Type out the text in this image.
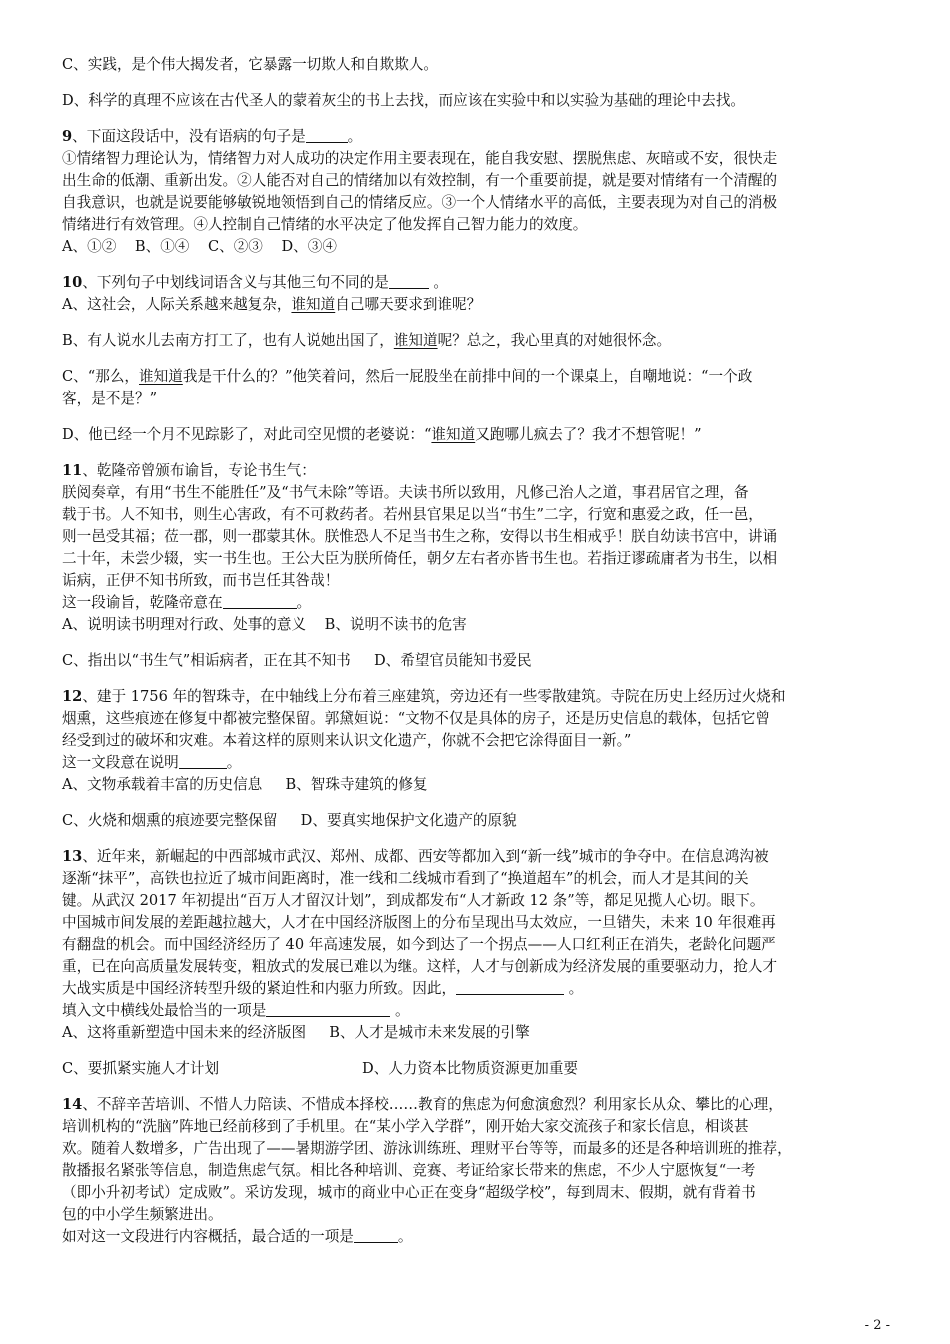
C、实践，是个伟大揭发者，它暴露一切欺人和自欺欺人。

D、科学的真理不应该在古代圣人的蒙着灰尘的书上去找，而应该在实验中和以实验为基础的理论中去找。

9、下面这段话中，没有语病的句子是	。

①情绪智力理论认为，情绪智力对人成功的决定作用主要表现在，能自我安慰、摆脱焦虑、灰暗或不安，很快走

出生命的低潮、重新出发。②人能否对自己的情绪加以有效控制，有一个重要前提，就是要对情绪有一个清醒的

自我意识，也就是说要能够敏锐地领悟到自己的情绪反应。③一个人情绪水平的高低，主要表现为对自己的消极

情绪进行有效管理。④人控制自己情绪的水平决定了他发挥自己智力能力的效度。

A、①②    B、①④    C、②③    D、③④

10、下列句子中划线词语含义与其他三句不同的是	。

A、这社会，人际关系越来越复杂，谁知道自己哪天要求到谁呢？

B、有人说水儿去南方打工了，也有人说她出国了，谁知道呢？总之，我心里真的对她很怀念。

C、“那么，谁知道我是干什么的？”他笑着问，然后一屁股坐在前排中间的一个课桌上，自嘲地说：“一个政

客，是不是？”

D、他已经一个月不见踪影了，对此司空见惯的老婆说：“谁知道又跑哪儿疯去了？我才不想管呢！”

11、乾隆帝曾颁布谕旨，专论书生气：

朕阅奏章，有用“书生不能胜任”及“书气未除”等语。夫读书所以致用，凡修己治人之道，事君居官之理，备

载于书。人不知书，则生心害政，有不可救药者。若州县官果足以当“书生”二字，行宽和惠爱之政，任一邑，

则一邑受其福；莅一郡，则一郡蒙其休。朕惟恐人不足当书生之称，安得以书生相戒乎！朕自幼读书宫中，讲诵

二十年，未尝少辍，实一书生也。王公大臣为朕所倚任，朝夕左右者亦皆书生也。若指迂谬疏庸者为书生，以相

诟病，正伊不知书所致，而书岂任其咎哉！

这一段谕旨，乾隆帝意在	。

A、说明读书明理对行政、处事的意义    B、说明不读书的危害

C、指出以“书生气”相诟病者，正在其不知书     D、希望官员能知书爱民

12、建于 1756 年的智珠寺，在中轴线上分布着三座建筑，旁边还有一些零散建筑。寺院在历史上经历过火烧和

烟熏，这些痕迹在修复中都被完整保留。郭黛姮说：“文物不仅是具体的房子，还是历史信息的载体，包括它曾

经受到过的破坏和灾难。本着这样的原则来认识文化遗产，你就不会把它涂得面目一新。”

这一文段意在说明	。

A、文物承载着丰富的历史信息     B、智珠寺建筑的修复

C、火烧和烟熏的痕迹要完整保留     D、要真实地保护文化遗产的原貌

13、近年来，新崛起的中西部城市武汉、郑州、成都、西安等都加入到“新一线”城市的争夺中。在信息鸿沟被

逐渐“抹平”，高铁也拉近了城市间距离时，准一线和二线城市看到了“换道超车”的机会，而人才是其间的关

键。从武汉 2017 年初提出“百万人才留汉计划”，到成都发布“人才新政 12 条”等，都足见揽人心切。眼下。

中国城市间发展的差距越拉越大，人才在中国经济版图上的分布呈现出马太效应，一旦错失，未来 10 年很难再

有翻盘的机会。而中国经济经历了 40 年高速发展，如今到达了一个拐点——人口红利正在消失，老龄化问题严

重，已在向高质量发展转变，粗放式的发展已难以为继。这样，人才与创新成为经济发展的重要驱动力，抢人才

大战实质是中国经济转型升级的紧迫性和内驱力所致。因此，	。

填入文中横线处最恰当的一项是	。

A、这将重新塑造中国未来的经济版图     B、人才是城市未来发展的引擎

C、要抓紧实施人才计划	D、人力资本比物质资源更加重要

14、不辞辛苦培训、不惜人力陪读、不惜成本择校……教育的焦虑为何愈演愈烈？利用家长从众、攀比的心理，

培训机构的“洗脑”阵地已经前移到了手机里。在“某小学入学群”，刚开始大家交流孩子和家长信息，相谈甚

欢。随着人数增多，广告出现了——暑期游学团、游泳训练班、理财平台等等，而最多的还是各种培训班的推荐，

散播报名紧张等信息，制造焦虑气氛。相比各种培训、竞赛、考证给家长带来的焦虑，不少人宁愿恢复“一考

（即小升初考试）定成败”。采访发现，城市的商业中心正在变身“超级学校”，每到周末、假期，就有背着书

包的中小学生频繁进出。

如对这一文段进行内容概括，最合适的一项是	。

- 2 -
